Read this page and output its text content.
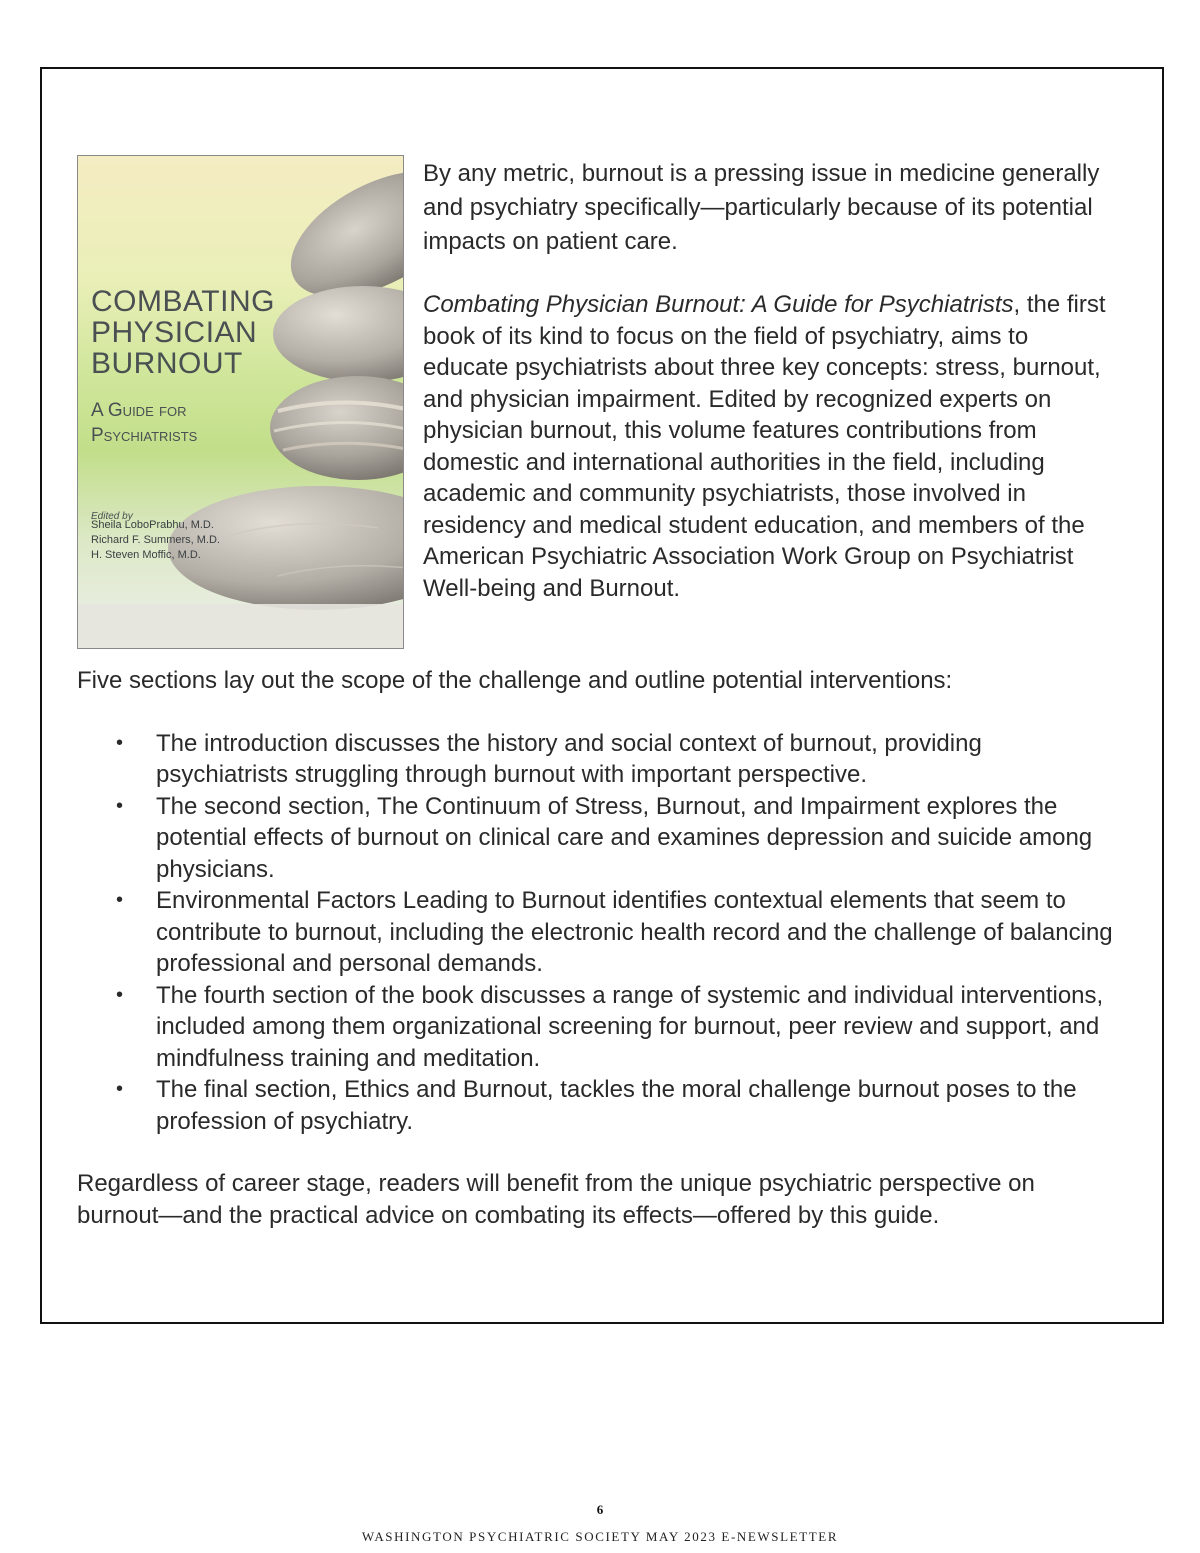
COMBATING
PHYSICIAN
BURNOUT
A Guide for
Psychiatrists
Edited by
Sheila LoboPrabhu, M.D.
Richard F. Summers, M.D.
H. Steven Moffic, M.D.

By any metric, burnout is a pressing issue in medicine generally and psychiatry specifically—particularly because of its potential impacts on patient care.

Combating Physician Burnout: A Guide for Psychiatrists, the first book of its kind to focus on the field of psychiatry, aims to educate psychiatrists about three key concepts: stress, burnout, and physician impairment. Edited by recognized experts on physician burnout, this volume features contributions from domestic and international authorities in the field, including academic and community psychiatrists, those involved in residency and medical student education, and members of the American Psychiatric Association Work Group on Psychiatrist Well-being and Burnout.

Five sections lay out the scope of the challenge and outline potential interventions:

• The introduction discusses the history and social context of burnout, providing psychiatrists struggling through burnout with important perspective.
• The second section, The Continuum of Stress, Burnout, and Impairment explores the potential effects of burnout on clinical care and examines depression and suicide among physicians.
• Environmental Factors Leading to Burnout identifies contextual elements that seem to contribute to burnout, including the electronic health record and the challenge of balancing professional and personal demands.
• The fourth section of the book discusses a range of systemic and individual interventions, included among them organizational screening for burnout, peer review and support, and mindfulness training and meditation.
• The final section, Ethics and Burnout, tackles the moral challenge burnout poses to the profession of psychiatry.

Regardless of career stage, readers will benefit from the unique psychiatric perspective on burnout—and the practical advice on combating its effects—offered by this guide.

6
WASHINGTON PSYCHIATRIC SOCIETY MAY 2023 E-NEWSLETTER
